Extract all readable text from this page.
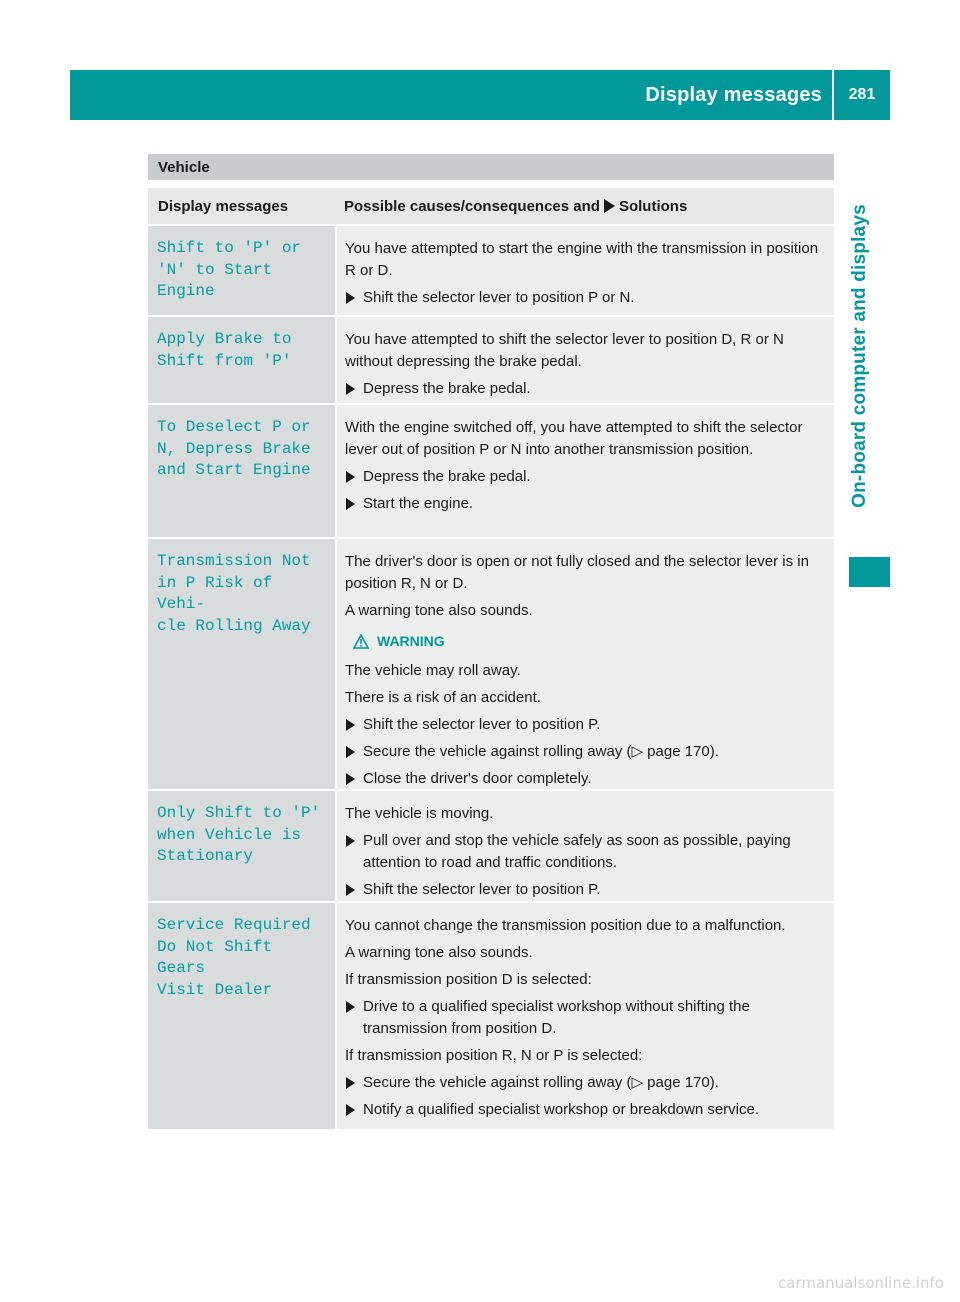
Display messages	281
On-board computer and displays
Vehicle
Display messages	Possible causes/consequences and Solutions
Shift to 'P' or
'N' to Start Engine

You have attempted to start the engine with the transmission in position R or D.

Shift the selector lever to position P or N.
Apply Brake to
Shift from 'P'

You have attempted to shift the selector lever to position D, R or N without depressing the brake pedal.

Depress the brake pedal.
To Deselect P or
N, Depress Brake
and Start Engine

With the engine switched off, you have attempted to shift the selector lever out of position P or N into another transmission position.

Depress the brake pedal.
Start the engine.
Transmission Not
in P Risk of Vehi‑
cle Rolling Away

The driver's door is open or not fully closed and the selector lever is in position R, N or D.

A warning tone also sounds.

WARNING

The vehicle may roll away.

There is a risk of an accident.

Shift the selector lever to position P.
Secure the vehicle against rolling away (▷ page 170).
Close the driver's door completely.
Only Shift to 'P'
when Vehicle is
Stationary

The vehicle is moving.

Pull over and stop the vehicle safely as soon as possible, paying attention to road and traffic conditions.
Shift the selector lever to position P.
Service Required
Do Not Shift Gears
Visit Dealer

You cannot change the transmission position due to a malfunction.

A warning tone also sounds.

If transmission position D is selected:

Drive to a qualified specialist workshop without shifting the transmission from position D.

If transmission position R, N or P is selected:

Secure the vehicle against rolling away (▷ page 170).
Notify a qualified specialist workshop or breakdown service.
carmanualsonline.info
